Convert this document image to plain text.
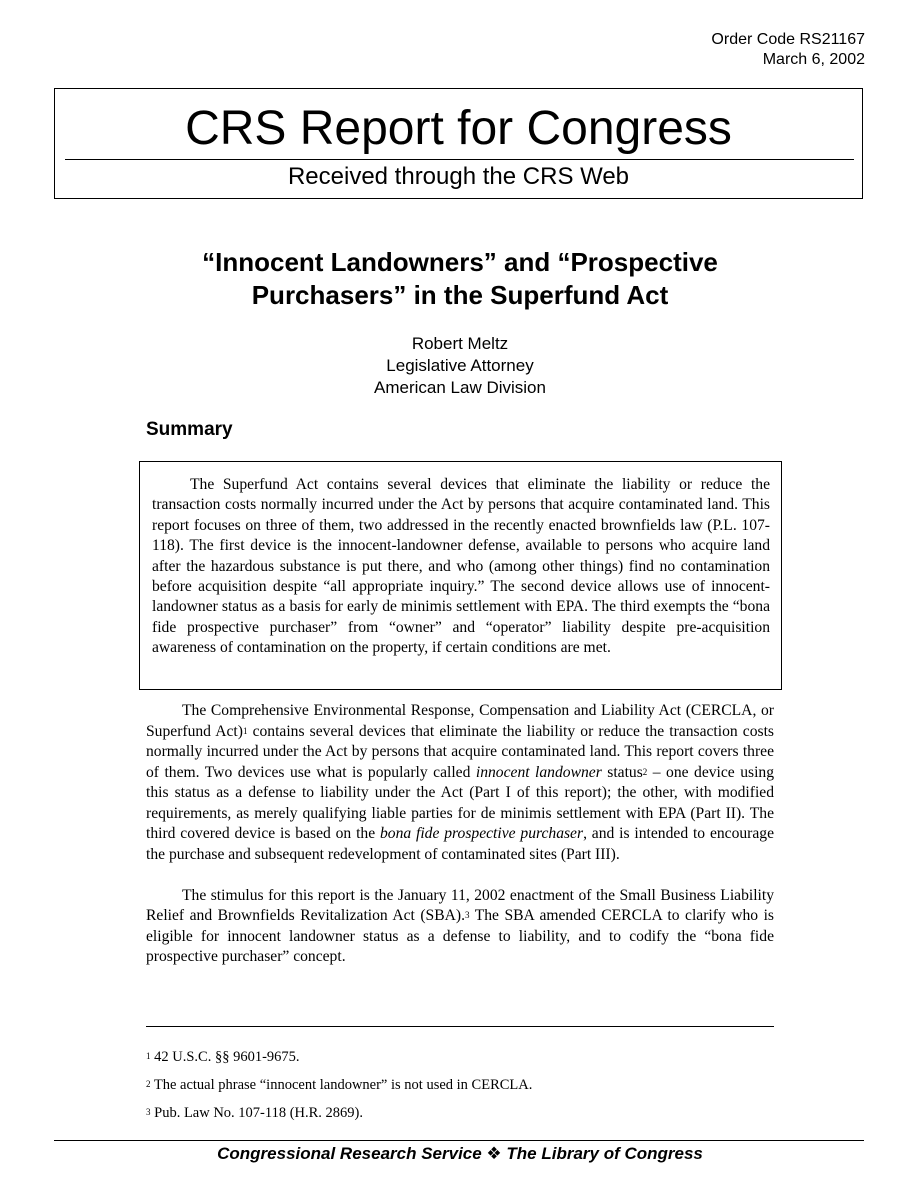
Order Code RS21167
March 6, 2002
CRS Report for Congress
Received through the CRS Web
“Innocent Landowners” and “Prospective
Purchasers” in the Superfund Act
Robert Meltz
Legislative Attorney
American Law Division
Summary

The Superfund Act contains several devices that eliminate the liability or reduce the transaction costs normally incurred under the Act by persons that acquire contaminated land. This report focuses on three of them, two addressed in the recently enacted brownfields law (P.L. 107-118). The first device is the innocent-landowner defense, available to persons who acquire land after the hazardous substance is put there, and who (among other things) find no contamination before acquisition despite “all appropriate inquiry.” The second device allows use of innocent-landowner status as a basis for early de minimis settlement with EPA. The third exempts the “bona fide prospective purchaser” from “owner” and “operator” liability despite pre-acquisition awareness of contamination on the property, if certain conditions are met.

The Comprehensive Environmental Response, Compensation and Liability Act (CERCLA, or Superfund Act)$^1$ contains several devices that eliminate the liability or reduce the transaction costs normally incurred under the Act by persons that acquire contaminated land. This report covers three of them. Two devices use what is popularly called innocent landowner status$^2$ – one device using this status as a defense to liability under the Act (Part I of this report); the other, with modified requirements, as merely qualifying liable parties for de minimis settlement with EPA (Part II). The third covered device is based on the bona fide prospective purchaser, and is intended to encourage the purchase and subsequent redevelopment of contaminated sites (Part III).

The stimulus for this report is the January 11, 2002 enactment of the Small Business Liability Relief and Brownfields Revitalization Act (SBA).$^3$ The SBA amended CERCLA to clarify who is eligible for innocent landowner status as a defense to liability, and to codify the “bona fide prospective purchaser” concept.

$^1$ 42 U.S.C. §§ 9601-9675.
$^2$ The actual phrase “innocent landowner” is not used in CERCLA.
$^3$ Pub. Law No. 107-118 (H.R. 2869).
Congressional Research Service ❖ The Library of Congress
